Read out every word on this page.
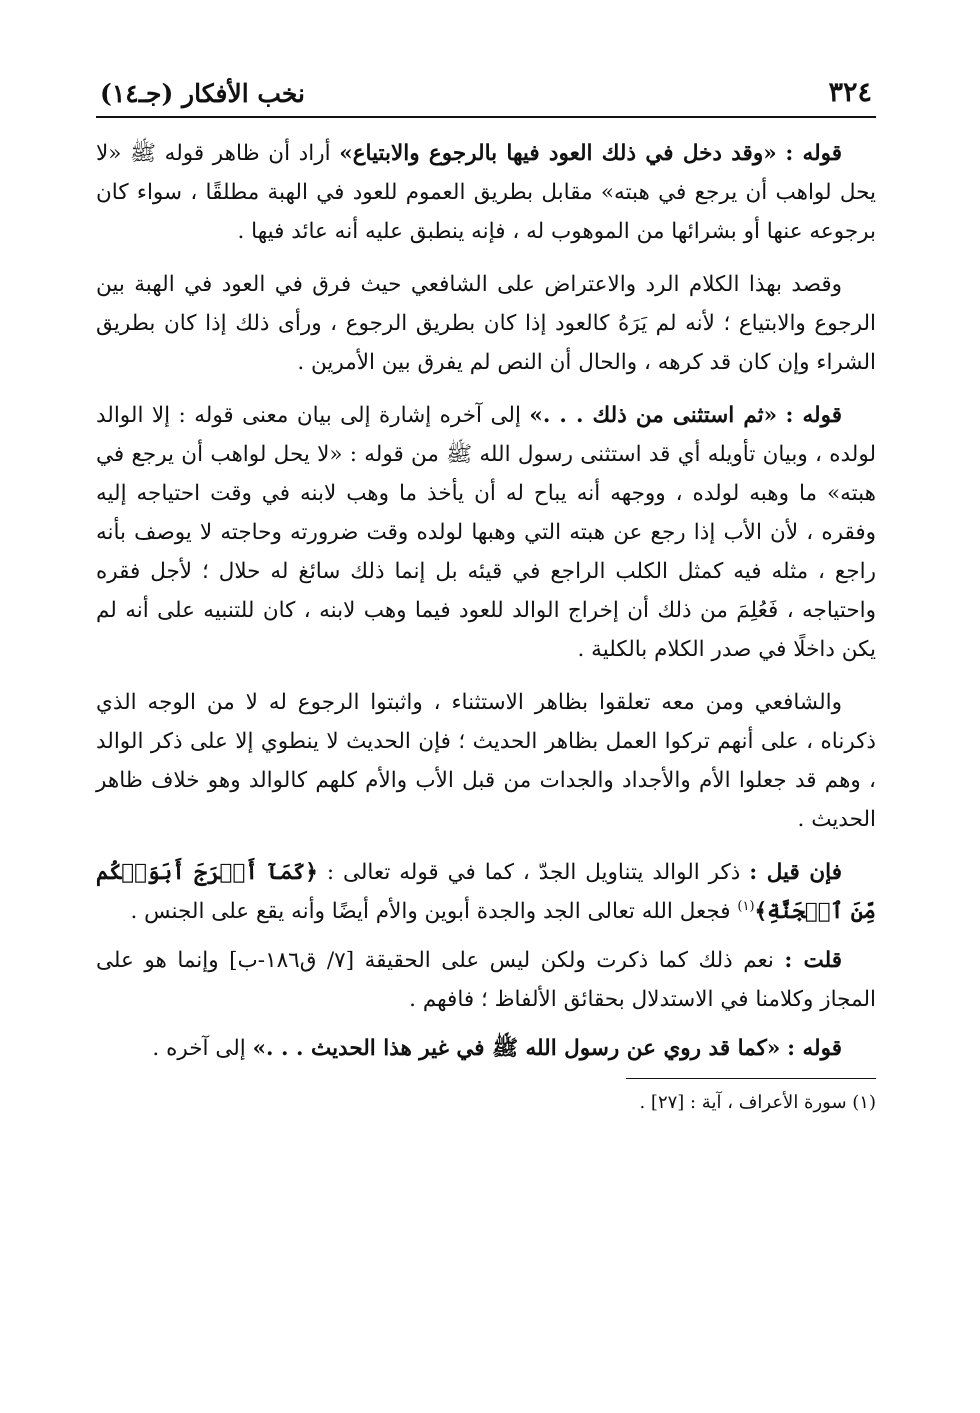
٣٢٤
نخب الأفكار (جـ١٤)

قوله : «وقد دخل في ذلك العود فيها بالرجوع والابتياع» أراد أن ظاهر قوله ﷺ «لا يحل لواهب أن يرجع في هبته» مقابل بطريق العموم للعود في الهبة مطلقًا ، سواء كان برجوعه عنها أو بشرائها من الموهوب له ، فإنه ينطبق عليه أنه عائد فيها .

وقصد بهذا الكلام الرد والاعتراض على الشافعي حيث فرق في العود في الهبة بين الرجوع والابتياع ؛ لأنه لم يَرَهُ كالعود إذا كان بطريق الرجوع ، ورأى ذلك إذا كان بطريق الشراء وإن كان قد كرهه ، والحال أن النص لم يفرق بين الأمرين .

قوله : «ثم استثنى من ذلك . . .» إلى آخره إشارة إلى بيان معنى قوله : إلا الوالد لولده ، وبيان تأويله أي قد استثنى رسول الله ﷺ من قوله : «لا يحل لواهب أن يرجع في هبته» ما وهبه لولده ، ووجهه أنه يباح له أن يأخذ ما وهب لابنه في وقت احتياجه إليه وفقره ، لأن الأب إذا رجع عن هبته التي وهبها لولده وقت ضرورته وحاجته لا يوصف بأنه راجع ، مثله فيه كمثل الكلب الراجع في قيئه بل إنما ذلك سائغ له حلال ؛ لأجل فقره واحتياجه ، فَعُلِمَ من ذلك أن إخراج الوالد للعود فيما وهب لابنه ، كان للتنبيه على أنه لم يكن داخلًا في صدر الكلام بالكلية .

والشافعي ومن معه تعلقوا بظاهر الاستثناء ، واثبتوا الرجوع له لا من الوجه الذي ذكرناه ، على أنهم تركوا العمل بظاهر الحديث ؛ فإن الحديث لا ينطوي إلا على ذكر الوالد ، وهم قد جعلوا الأم والأجداد والجدات من قبل الأب والأم كلهم كالوالد وهو خلاف ظاهر الحديث .

فإن قيل : ذكر الوالد يتناويل الجدّ ، كما في قوله تعالى : ﴿كَمَآ أَخۡرَجَ أَبَوَيۡكُم مِّنَ ٱلۡجَنَّةِ﴾$^{(١)}$ فجعل الله تعالى الجد والجدة أبوين والأم أيضًا وأنه يقع على الجنس .

قلت : نعم ذلك كما ذكرت ولكن ليس على الحقيقة [٧/ ق١٨٦-ب] وإنما هو على المجاز وكلامنا في الاستدلال بحقائق الألفاظ ؛ فافهم .

قوله : «كما قد روي عن رسول الله ﷺ في غير هذا الحديث . . .» إلى آخره .

(١) سورة الأعراف ، آية : [٢٧] .
